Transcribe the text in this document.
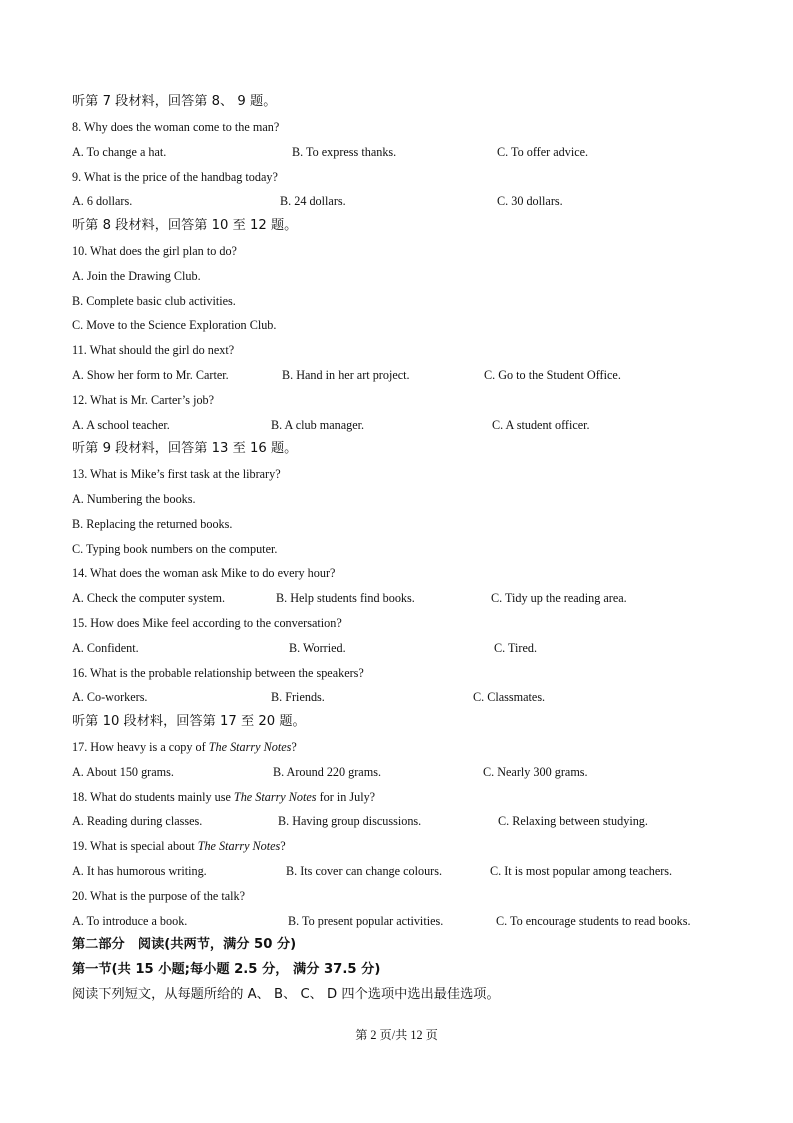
听第 7 段材料，回答第 8、 9 题。
8. Why does the woman come to the man?
A. To change a hat.	B. To express thanks.	C. To offer advice.
9. What is the price of the handbag today?
A. 6 dollars.	B. 24 dollars.	C. 30 dollars.
听第 8 段材料，回答第 10 至 12 题。
10. What does the girl plan to do?
A. Join the Drawing Club.
B. Complete basic club activities.
C. Move to the Science Exploration Club.
11. What should the girl do next?
A. Show her form to Mr. Carter.	B. Hand in her art project.	C. Go to the Student Office.
12. What is Mr. Carter’s job?
A. A school teacher.	B. A club manager.	C. A student officer.
听第 9 段材料，回答第 13 至 16 题。
13. What is Mike’s first task at the library?
A. Numbering the books.
B. Replacing the returned books.
C. Typing book numbers on the computer.
14. What does the woman ask Mike to do every hour?
A. Check the computer system.	B. Help students find books.	C. Tidy up the reading area.
15. How does Mike feel according to the conversation?
A. Confident.	B. Worried.	C. Tired.
16. What is the probable relationship between the speakers?
A. Co-workers.	B. Friends.	C. Classmates.
听第 10 段材料，回答第 17 至 20 题。
17. How heavy is a copy of The Starry Notes?
A. About 150 grams.	B. Around 220 grams.	C. Nearly 300 grams.
18. What do students mainly use The Starry Notes for in July?
A. Reading during classes.	B. Having group discussions.	C. Relaxing between studying.
19. What is special about The Starry Notes?
A. It has humorous writing.	B. Its cover can change colours.	C. It is most popular among teachers.
20. What is the purpose of the talk?
A. To introduce a book.	B. To present popular activities.	C. To encourage students to read books.
第二部分　阅读(共两节，满分 50 分)
第一节(共 15 小题;每小题 2.5 分， 满分 37.5 分)
阅读下列短文，从每题所给的 A、 B、 C、 D 四个选项中选出最佳选项。
第 2 页/共 12 页
